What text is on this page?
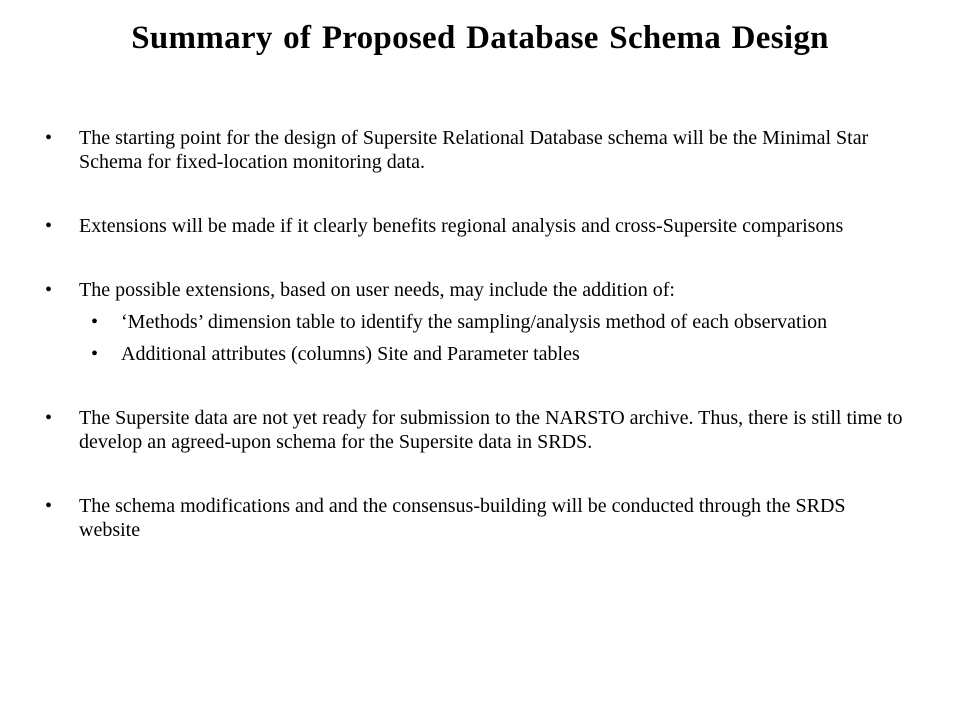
Summary of Proposed Database Schema Design
• The starting point for the design of Supersite Relational Database schema will be the Minimal Star Schema for fixed-location monitoring data.
• Extensions will be made if it clearly benefits regional analysis and cross-Supersite comparisons
• The possible extensions, based on user needs, may include the addition of:
• ‘Methods’ dimension table to identify the sampling/analysis method of each observation
• Additional attributes (columns) Site and Parameter tables
• The Supersite data are not yet ready for submission to the NARSTO archive. Thus, there is still time to develop an agreed-upon schema for the Supersite data in SRDS.
• The schema modifications and and the consensus-building will be conducted through the SRDS website
